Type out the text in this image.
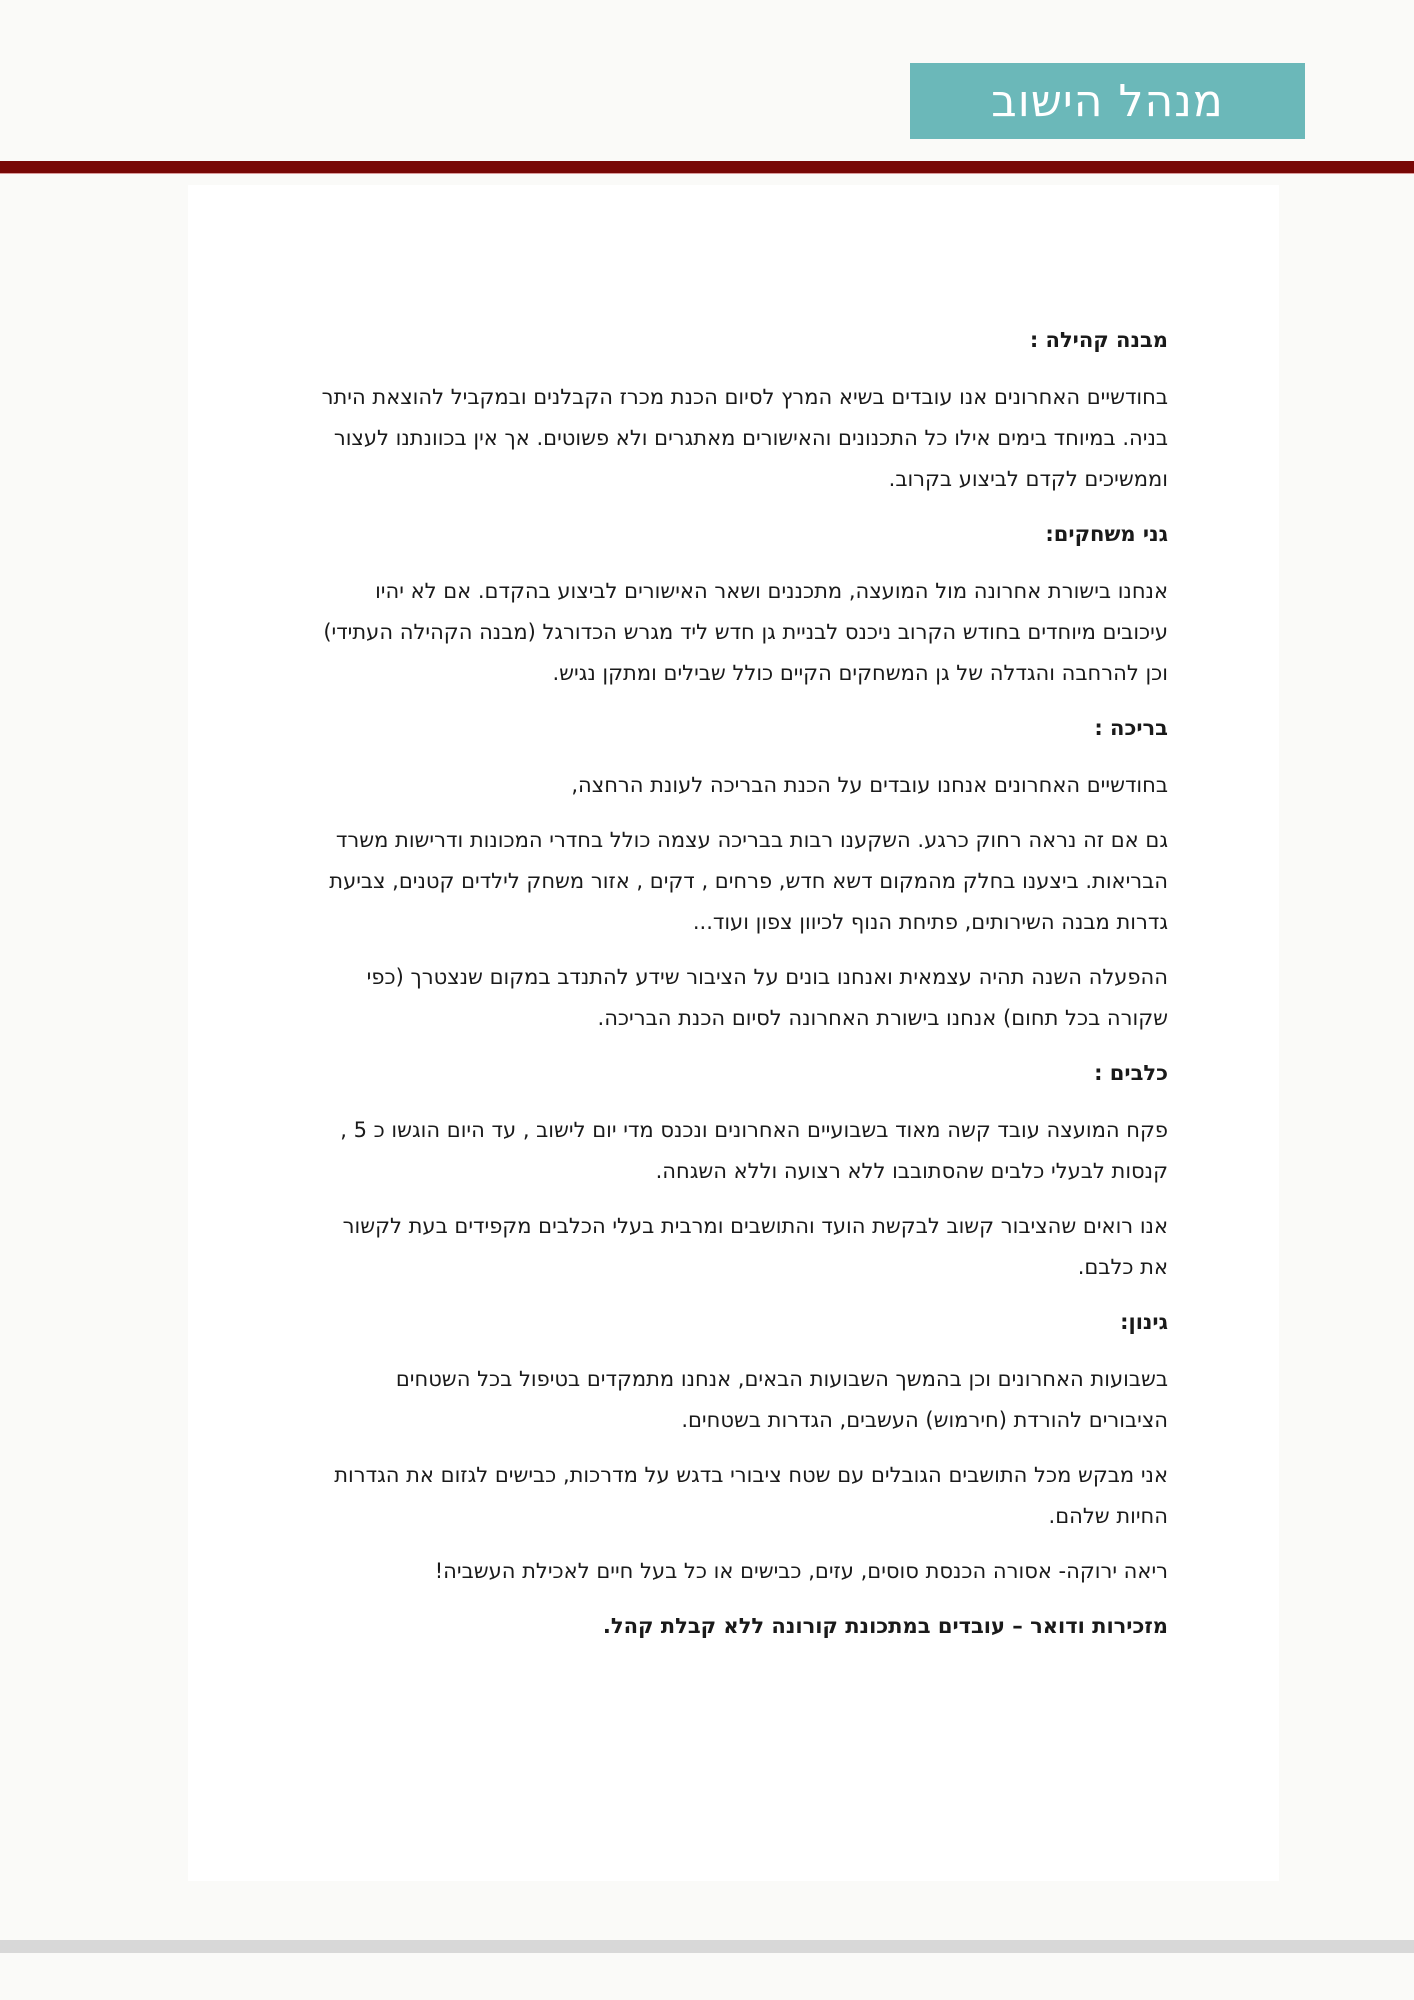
מנהל הישוב
מבנה קהילה :

בחודשיים האחרונים אנו עובדים בשיא המרץ לסיום הכנת מכרז הקבלנים ובמקביל להוצאת היתר בניה. במיוחד בימים אילו כל התכנונים והאישורים מאתגרים ולא פשוטים. אך אין בכוונתנו לעצור וממשיכים לקדם לביצוע בקרוב.

גני משחקים:

אנחנו בישורת אחרונה מול המועצה, מתכננים ושאר האישורים לביצוע בהקדם. אם לא יהיו עיכובים מיוחדים בחודש הקרוב ניכנס לבניית גן חדש ליד מגרש הכדורגל (מבנה הקהילה העתידי) וכן להרחבה והגדלה של גן המשחקים הקיים כולל שבילים ומתקן נגיש.

בריכה :

בחודשיים האחרונים אנחנו עובדים על הכנת הבריכה לעונת הרחצה,

גם אם זה נראה רחוק כרגע. השקענו רבות בבריכה עצמה כולל בחדרי המכונות ודרישות משרד הבריאות. ביצענו בחלק מהמקום דשא חדש, פרחים , דקים , אזור משחק לילדים קטנים, צביעת גדרות מבנה השירותים, פתיחת הנוף לכיוון צפון ועוד...

ההפעלה השנה תהיה עצמאית ואנחנו בונים על הציבור שידע להתנדב במקום שנצטרך (כפי שקורה בכל תחום) אנחנו בישורת האחרונה לסיום הכנת הבריכה.

כלבים :

פקח המועצה עובד קשה מאוד בשבועיים האחרונים ונכנס מדי יום לישוב , עד היום הוגשו כ 5 , קנסות לבעלי כלבים שהסתובבו ללא רצועה וללא השגחה.

אנו רואים שהציבור קשוב לבקשת הועד והתושבים ומרבית בעלי הכלבים מקפידים בעת לקשור את כלבם.

גינון:

בשבועות האחרונים וכן בהמשך השבועות הבאים, אנחנו מתמקדים בטיפול בכל השטחים הציבורים להורדת (חירמוש) העשבים, הגדרות בשטחים.

אני מבקש מכל התושבים הגובלים עם שטח ציבורי בדגש על מדרכות, כבישים לגזום את הגדרות החיות שלהם.

ריאה ירוקה- אסורה הכנסת סוסים, עזים, כבישים או כל בעל חיים לאכילת העשביה!

מזכירות ודואר – עובדים במתכונת קורונה ללא קבלת קהל.
